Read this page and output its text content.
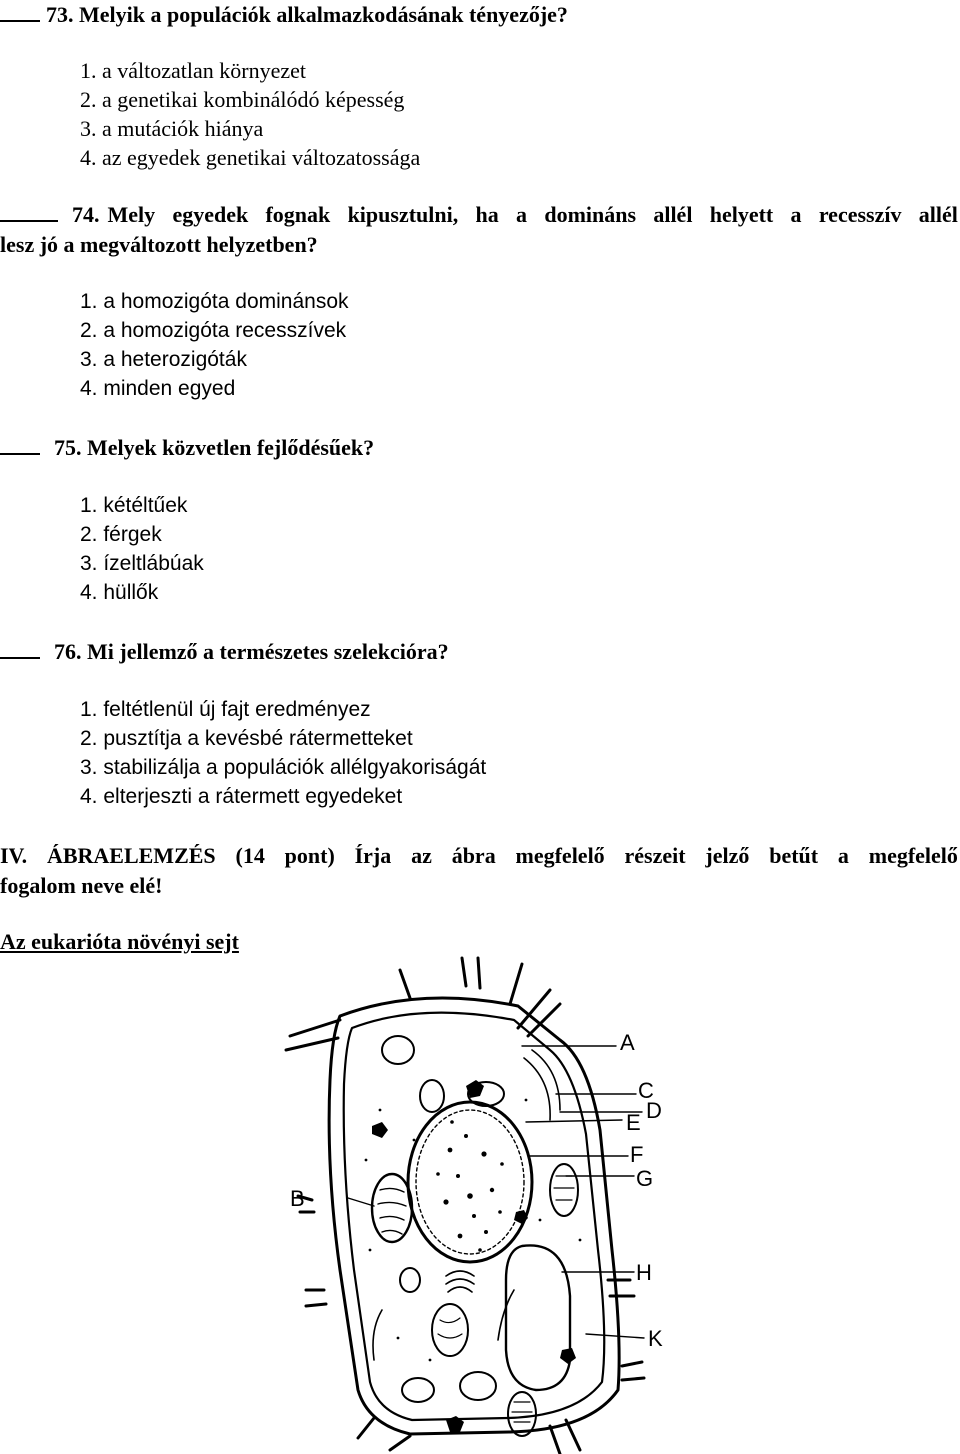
73. Melyik a populációk alkalmazkodásának tényezője?
1. a változatlan környezet
2. a genetikai kombinálódó képesség
3. a mutációk hiánya
4. az egyedek genetikai változatossága
74. Mely egyedek fognak kipusztulni, ha a domináns allél helyett a recesszív allél
lesz jó a megváltozott helyzetben?
1. a homozigóta dominánsok
2. a homozigóta recesszívek
3. a heterozigóták
4. minden egyed
75. Melyek közvetlen fejlődésűek?
1. kétéltűek
2. férgek
3. ízeltlábúak
4. hüllők
76. Mi jellemző a természetes szelekcióra?
1. feltétlenül új fajt eredményez
2. pusztítja a kevésbé rátermetteket
3. stabilizálja a populációk allélgyakoriságát
4. elterjeszti a rátermett egyedeket
IV. ÁBRAELEMZÉS (14 pont) Írja az ábra megfelelő részeit jelző betűt a megfelelő
fogalom neve elé!
Az eukarióta növényi sejt
A
B
C
D
E
F
G
H
K
